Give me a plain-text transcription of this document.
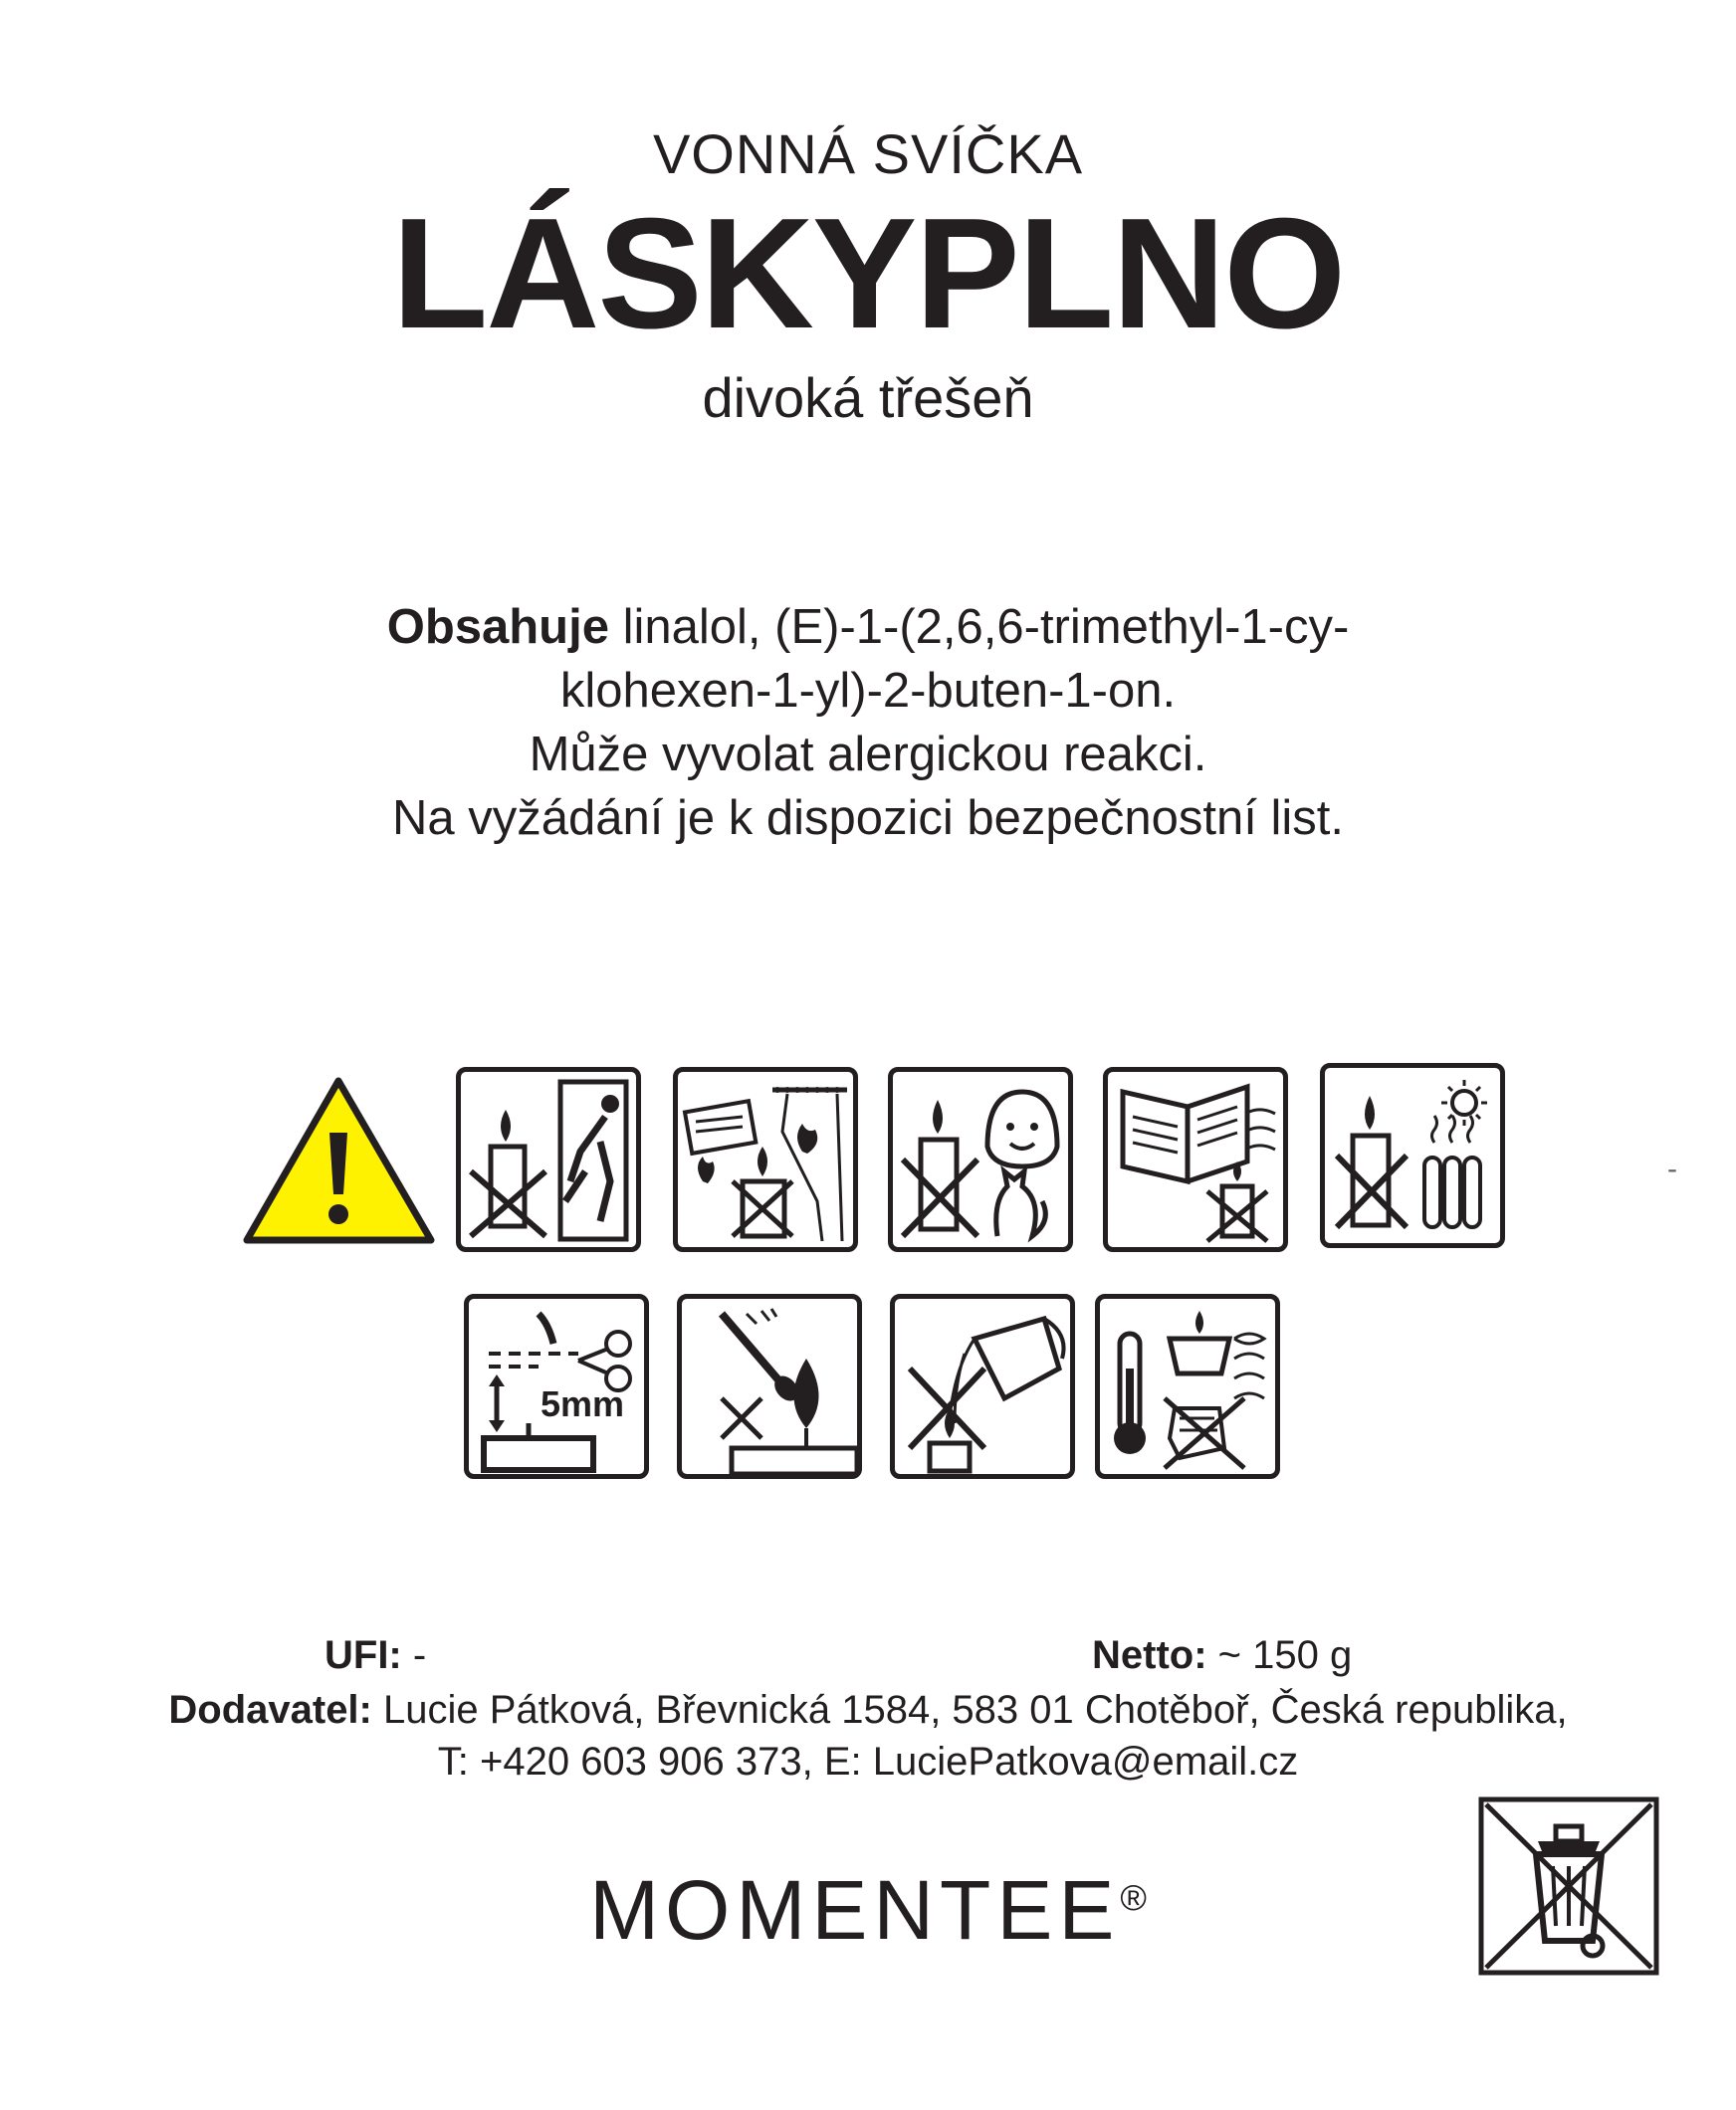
VONNÁ SVÍČKA
LÁSKYPLNO
divoká třešeň
Obsahuje linalol, (E)-1-(2,6,6-trimethyl-1-cy-
klohexen-1-yl)-2-buten-1-on.
Může vyvolat alergickou reakci.
Na vyžádání je k dispozici bezpečnostní list.
5mm
UFI: -	Netto: ~ 150 g
Dodavatel: Lucie Pátková, Břevnická 1584, 583 01 Chotěboř, Česká republika,
T: +420 603 906 373, E: LuciePatkova@email.cz
MOMENTEE®
-
